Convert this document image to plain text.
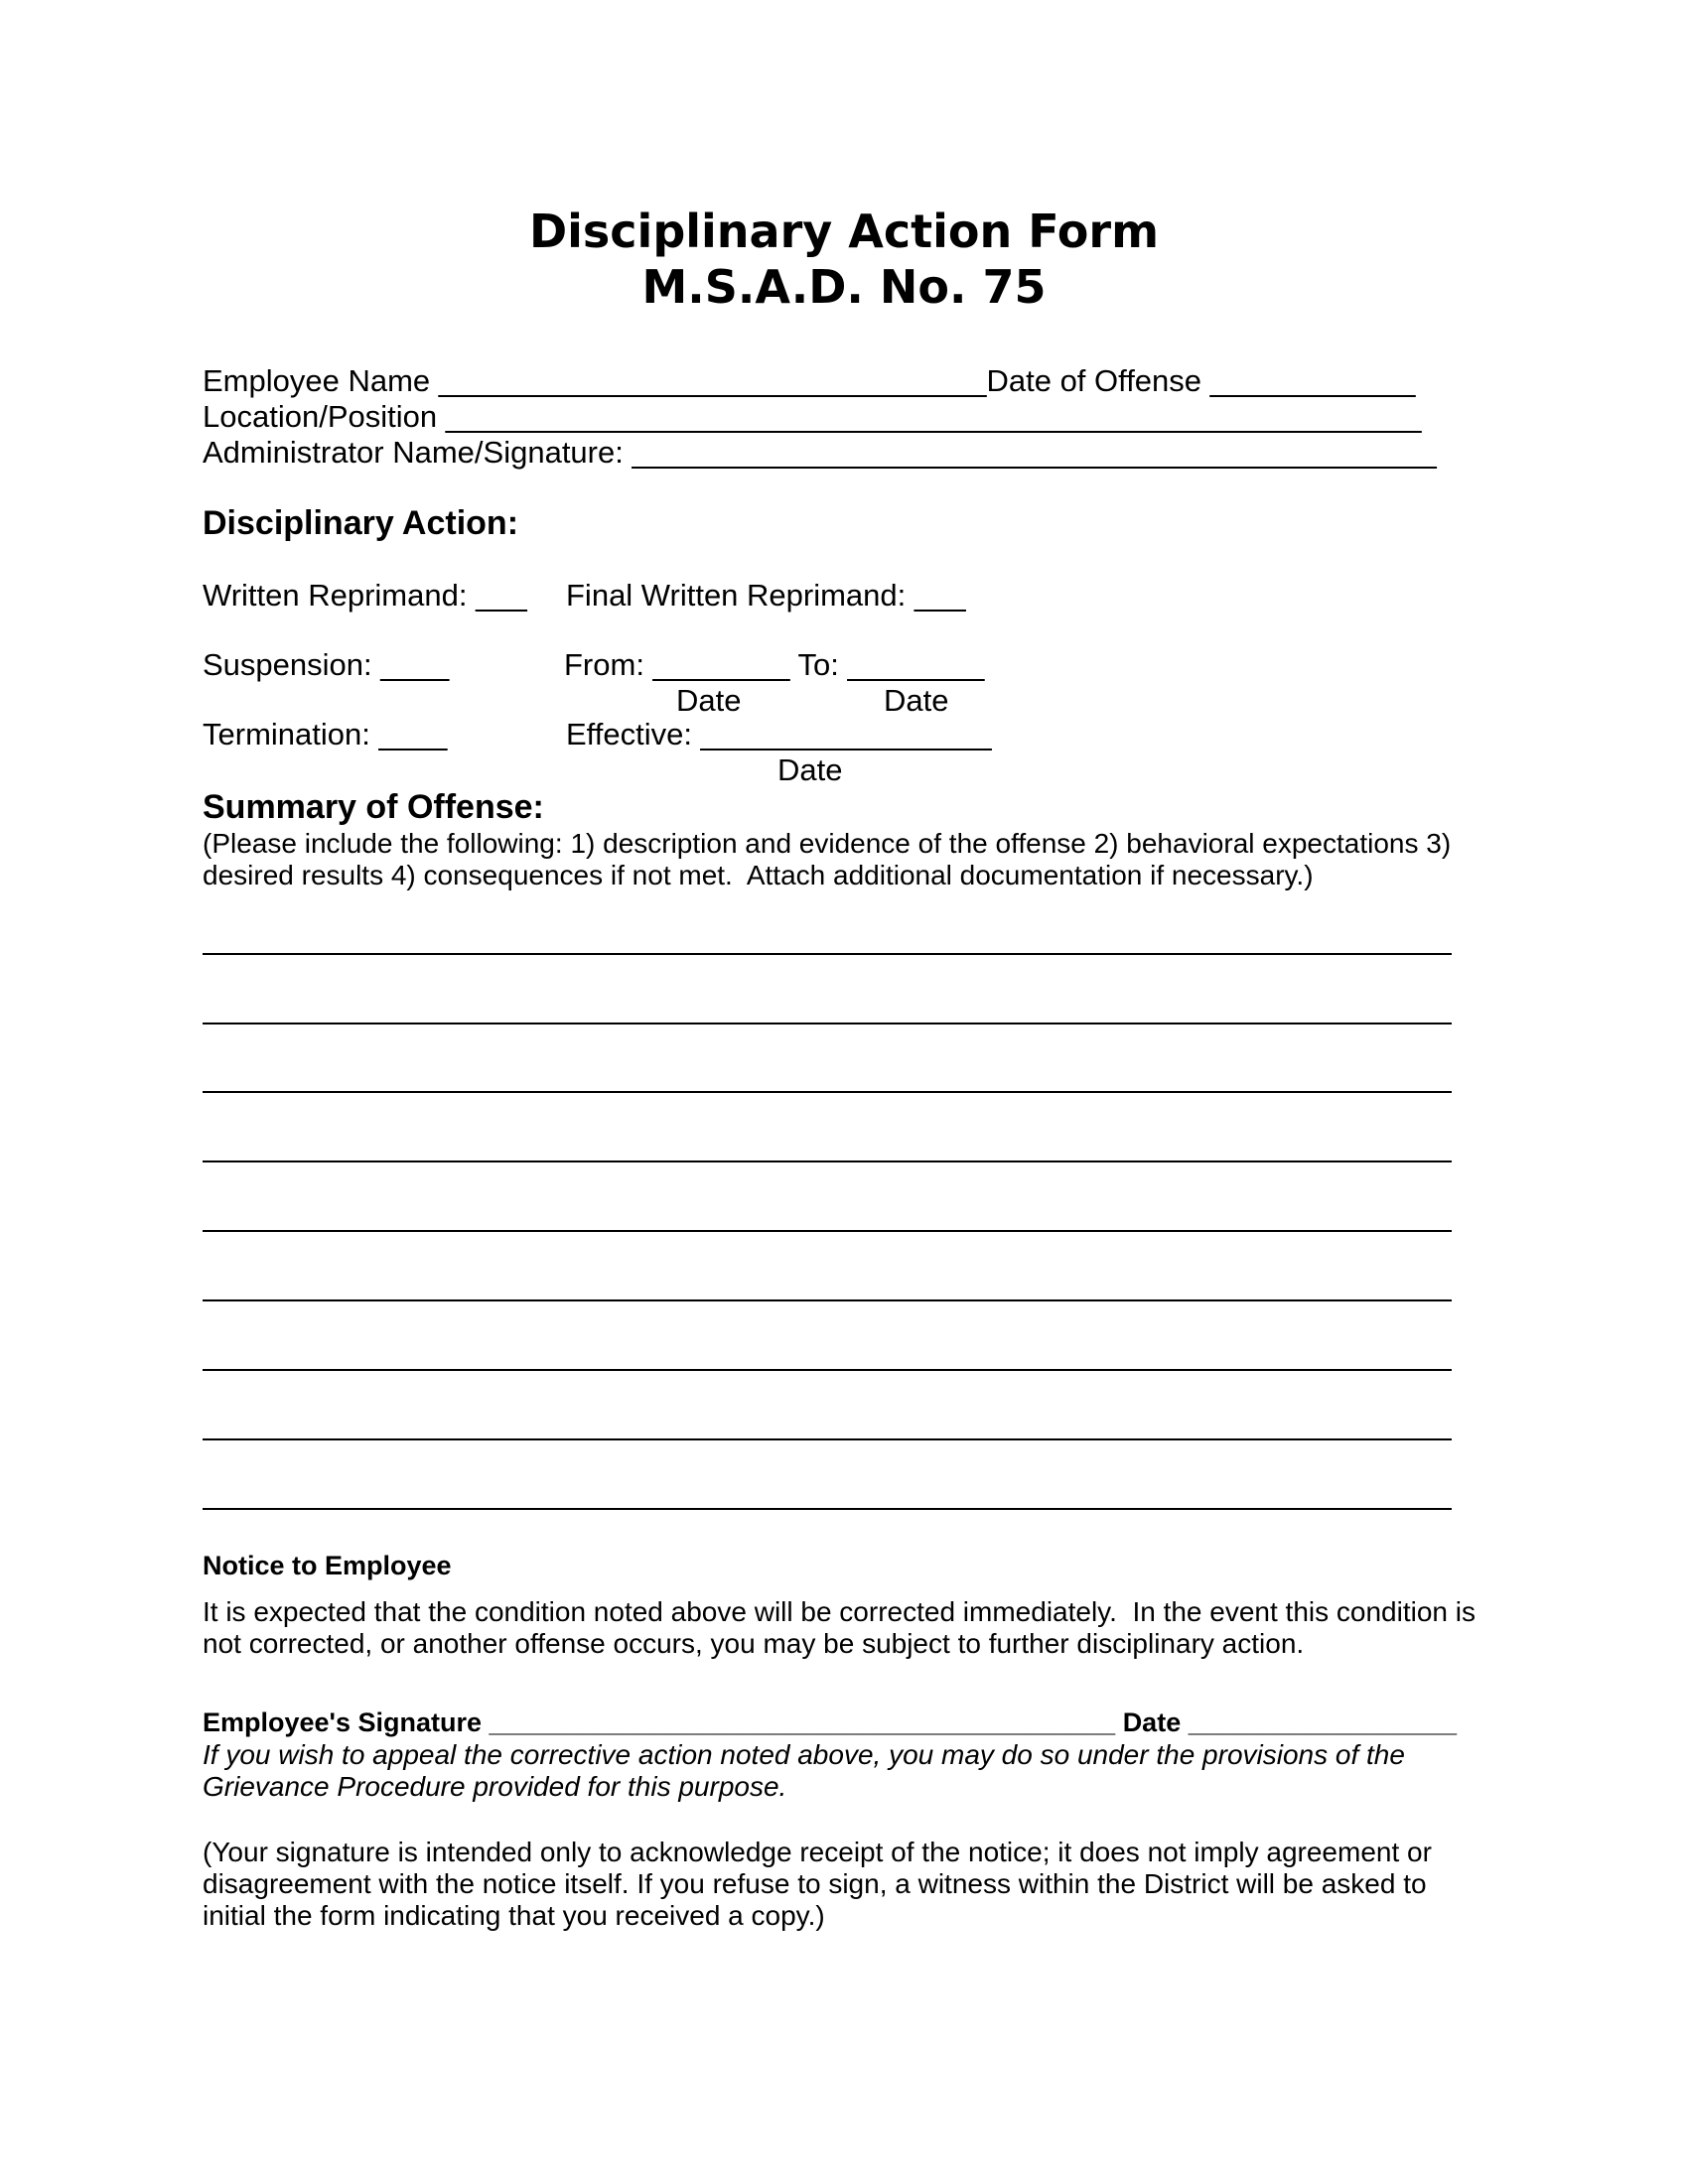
Disciplinary Action Form
M.S.A.D. No. 75
Employee Name ________________________________Date of Offense ____________
Location/Position _________________________________________________________
Administrator Name/Signature: _______________________________________________
Disciplinary Action:
Written Reprimand: ___ Final Written Reprimand: ___
Suspension: ____	From: ________ To: ________
Date	Date
Termination: ____	Effective: _________________
Date
Summary of Offense:
(Please include the following: 1) description and evidence of the offense 2) behavioral expectations 3)
desired results 4) consequences if not met.  Attach additional documentation if necessary.)
Notice to Employee
It is expected that the condition noted above will be corrected immediately.  In the event this condition is
not corrected, or another offense occurs, you may be subject to further disciplinary action.
Employee's Signature __________________________________________ Date __________________
If you wish to appeal the corrective action noted above, you may do so under the provisions of the
Grievance Procedure provided for this purpose.
(Your signature is intended only to acknowledge receipt of the notice; it does not imply agreement or
disagreement with the notice itself. If you refuse to sign, a witness within the District will be asked to
initial the form indicating that you received a copy.)
